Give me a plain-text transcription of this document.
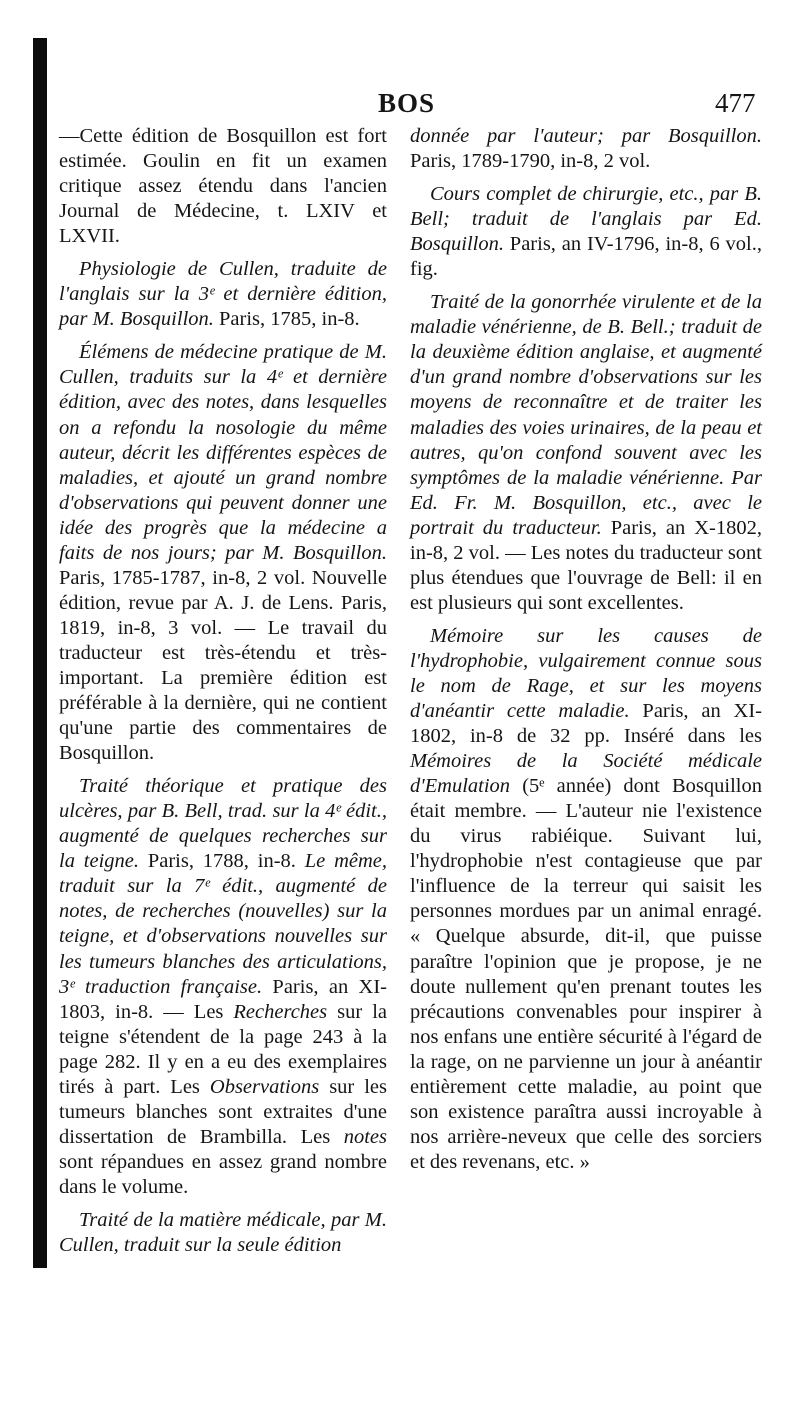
BOS	477

—Cette édition de Bosquillon est fort estimée. Goulin en fit un examen critique assez étendu dans l'ancien Journal de Médecine, t. LXIV et LXVII.

Physiologie de Cullen, traduite de l'anglais sur la 3ᵉ et dernière édition, par M. Bosquillon. Paris, 1785, in-8.

Élémens de médecine pratique de M. Cullen, traduits sur la 4ᵉ et dernière édition, avec des notes, dans lesquelles on a refondu la nosologie du même auteur, décrit les différentes espèces de maladies, et ajouté un grand nombre d'observations qui peuvent donner une idée des progrès que la médecine a faits de nos jours; par M. Bosquillon. Paris, 1785-1787, in-8, 2 vol. Nouvelle édition, revue par A. J. de Lens. Paris, 1819, in-8, 3 vol. — Le travail du traducteur est très-étendu et très-important. La première édition est préférable à la dernière, qui ne contient qu'une partie des commentaires de Bosquillon.

Traité théorique et pratique des ulcères, par B. Bell, trad. sur la 4ᵉ édit., augmenté de quelques recherches sur la teigne. Paris, 1788, in-8. Le même, traduit sur la 7ᵉ édit., augmenté de notes, de recherches (nouvelles) sur la teigne, et d'observations nouvelles sur les tumeurs blanches des articulations, 3ᵉ traduction française. Paris, an XI-1803, in-8. — Les Recherches sur la teigne s'étendent de la page 243 à la page 282. Il y en a eu des exemplaires tirés à part. Les Observations sur les tumeurs blanches sont extraites d'une dissertation de Brambilla. Les notes sont répandues en assez grand nombre dans le volume.

Traité de la matière médicale, par M. Cullen, traduit sur la seule édition

donnée par l'auteur; par Bosquillon. Paris, 1789-1790, in-8, 2 vol.

Cours complet de chirurgie, etc., par B. Bell; traduit de l'anglais par Ed. Bosquillon. Paris, an IV-1796, in-8, 6 vol., fig.

Traité de la gonorrhée virulente et de la maladie vénérienne, de B. Bell.; traduit de la deuxième édition anglaise, et augmenté d'un grand nombre d'observations sur les moyens de reconnaître et de traiter les maladies des voies urinaires, de la peau et autres, qu'on confond souvent avec les symptômes de la maladie vénérienne. Par Ed. Fr. M. Bosquillon, etc., avec le portrait du traducteur. Paris, an X-1802, in-8, 2 vol. — Les notes du traducteur sont plus étendues que l'ouvrage de Bell: il en est plusieurs qui sont excellentes.

Mémoire sur les causes de l'hydrophobie, vulgairement connue sous le nom de Rage, et sur les moyens d'anéantir cette maladie. Paris, an XI-1802, in-8 de 32 pp. Inséré dans les Mémoires de la Société médicale d'Emulation (5ᵉ année) dont Bosquillon était membre. — L'auteur nie l'existence du virus rabiéique. Suivant lui, l'hydrophobie n'est contagieuse que par l'influence de la terreur qui saisit les personnes mordues par un animal enragé. « Quelque absurde, dit-il, que puisse paraître l'opinion que je propose, je ne doute nullement qu'en prenant toutes les précautions convenables pour inspirer à nos enfans une entière sécurité à l'égard de la rage, on ne parvienne un jour à anéantir entièrement cette maladie, au point que son existence paraîtra aussi incroyable à nos arrière-neveux que celle des sorciers et des revenans, etc. »
